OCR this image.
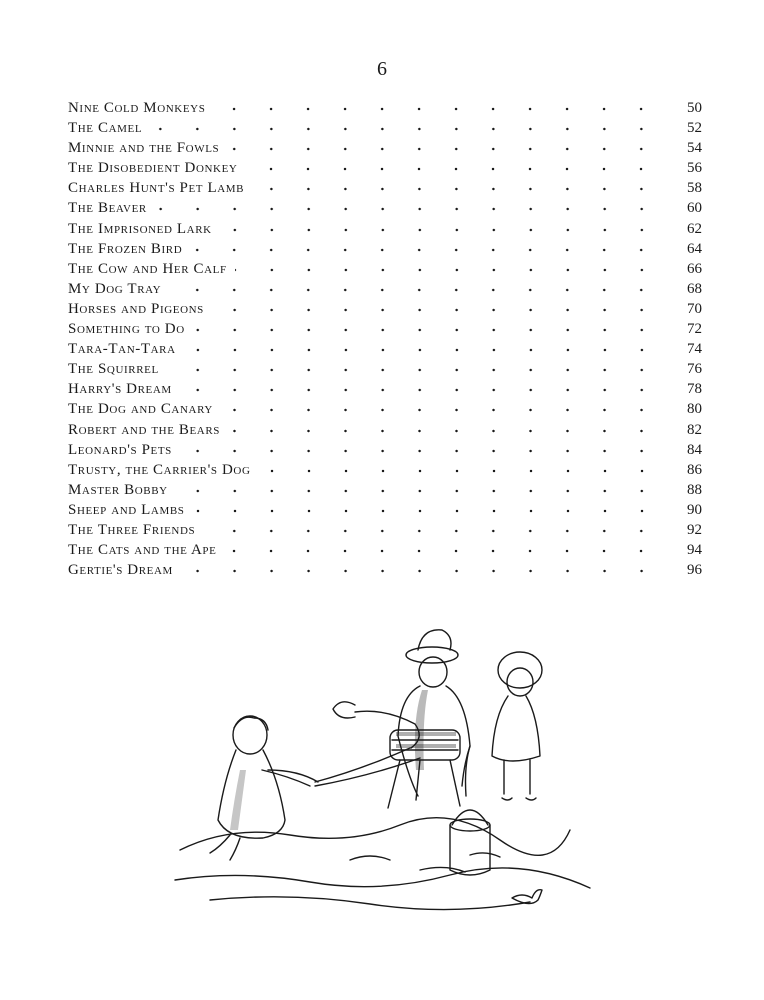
6
Nine Cold Monkeys	50
The Camel	52
Minnie and the Fowls	54
The Disobedient Donkey	56
Charles Hunt's Pet Lamb	58
The Beaver	60
The Imprisoned Lark	62
The Frozen Bird	64
The Cow and Her Calf	66
My Dog Tray	68
Horses and Pigeons	70
Something to Do	72
Tara-Tan-Tara	74
The Squirrel	76
Harry's Dream	78
The Dog and Canary	80
Robert and the Bears	82
Leonard's Pets	84
Trusty, the Carrier's Dog	86
Master Bobby	88
Sheep and Lambs	90
The Three Friends	92
The Cats and the Ape	94
Gertie's Dream	96
